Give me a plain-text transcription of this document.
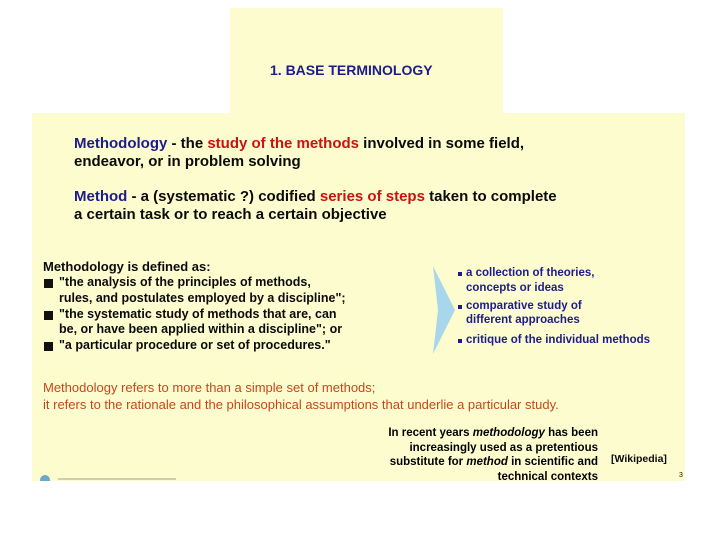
1. BASE TERMINOLOGY

Methodology - the study of the methods involved in some field,

endeavor, or in problem solving

Method - a (systematic ?) codified series of steps taken to complete

a certain task or to reach a certain objective

Methodology is defined as:

"the analysis of the principles of methods,

rules, and postulates employed by a discipline";

"the systematic study of methods that are, can

be, or have been applied within a discipline"; or

"a particular procedure or set of procedures."

a collection of theories,

concepts or ideas

comparative study of

different approaches

critique of the individual methods

Methodology refers to more than a simple set of methods;

it refers to the rationale and the philosophical assumptions that underlie a particular study.

In recent years methodology has been

increasingly used as a pretentious

substitute for method in scientific and

technical contexts

[Wikipedia]

3
